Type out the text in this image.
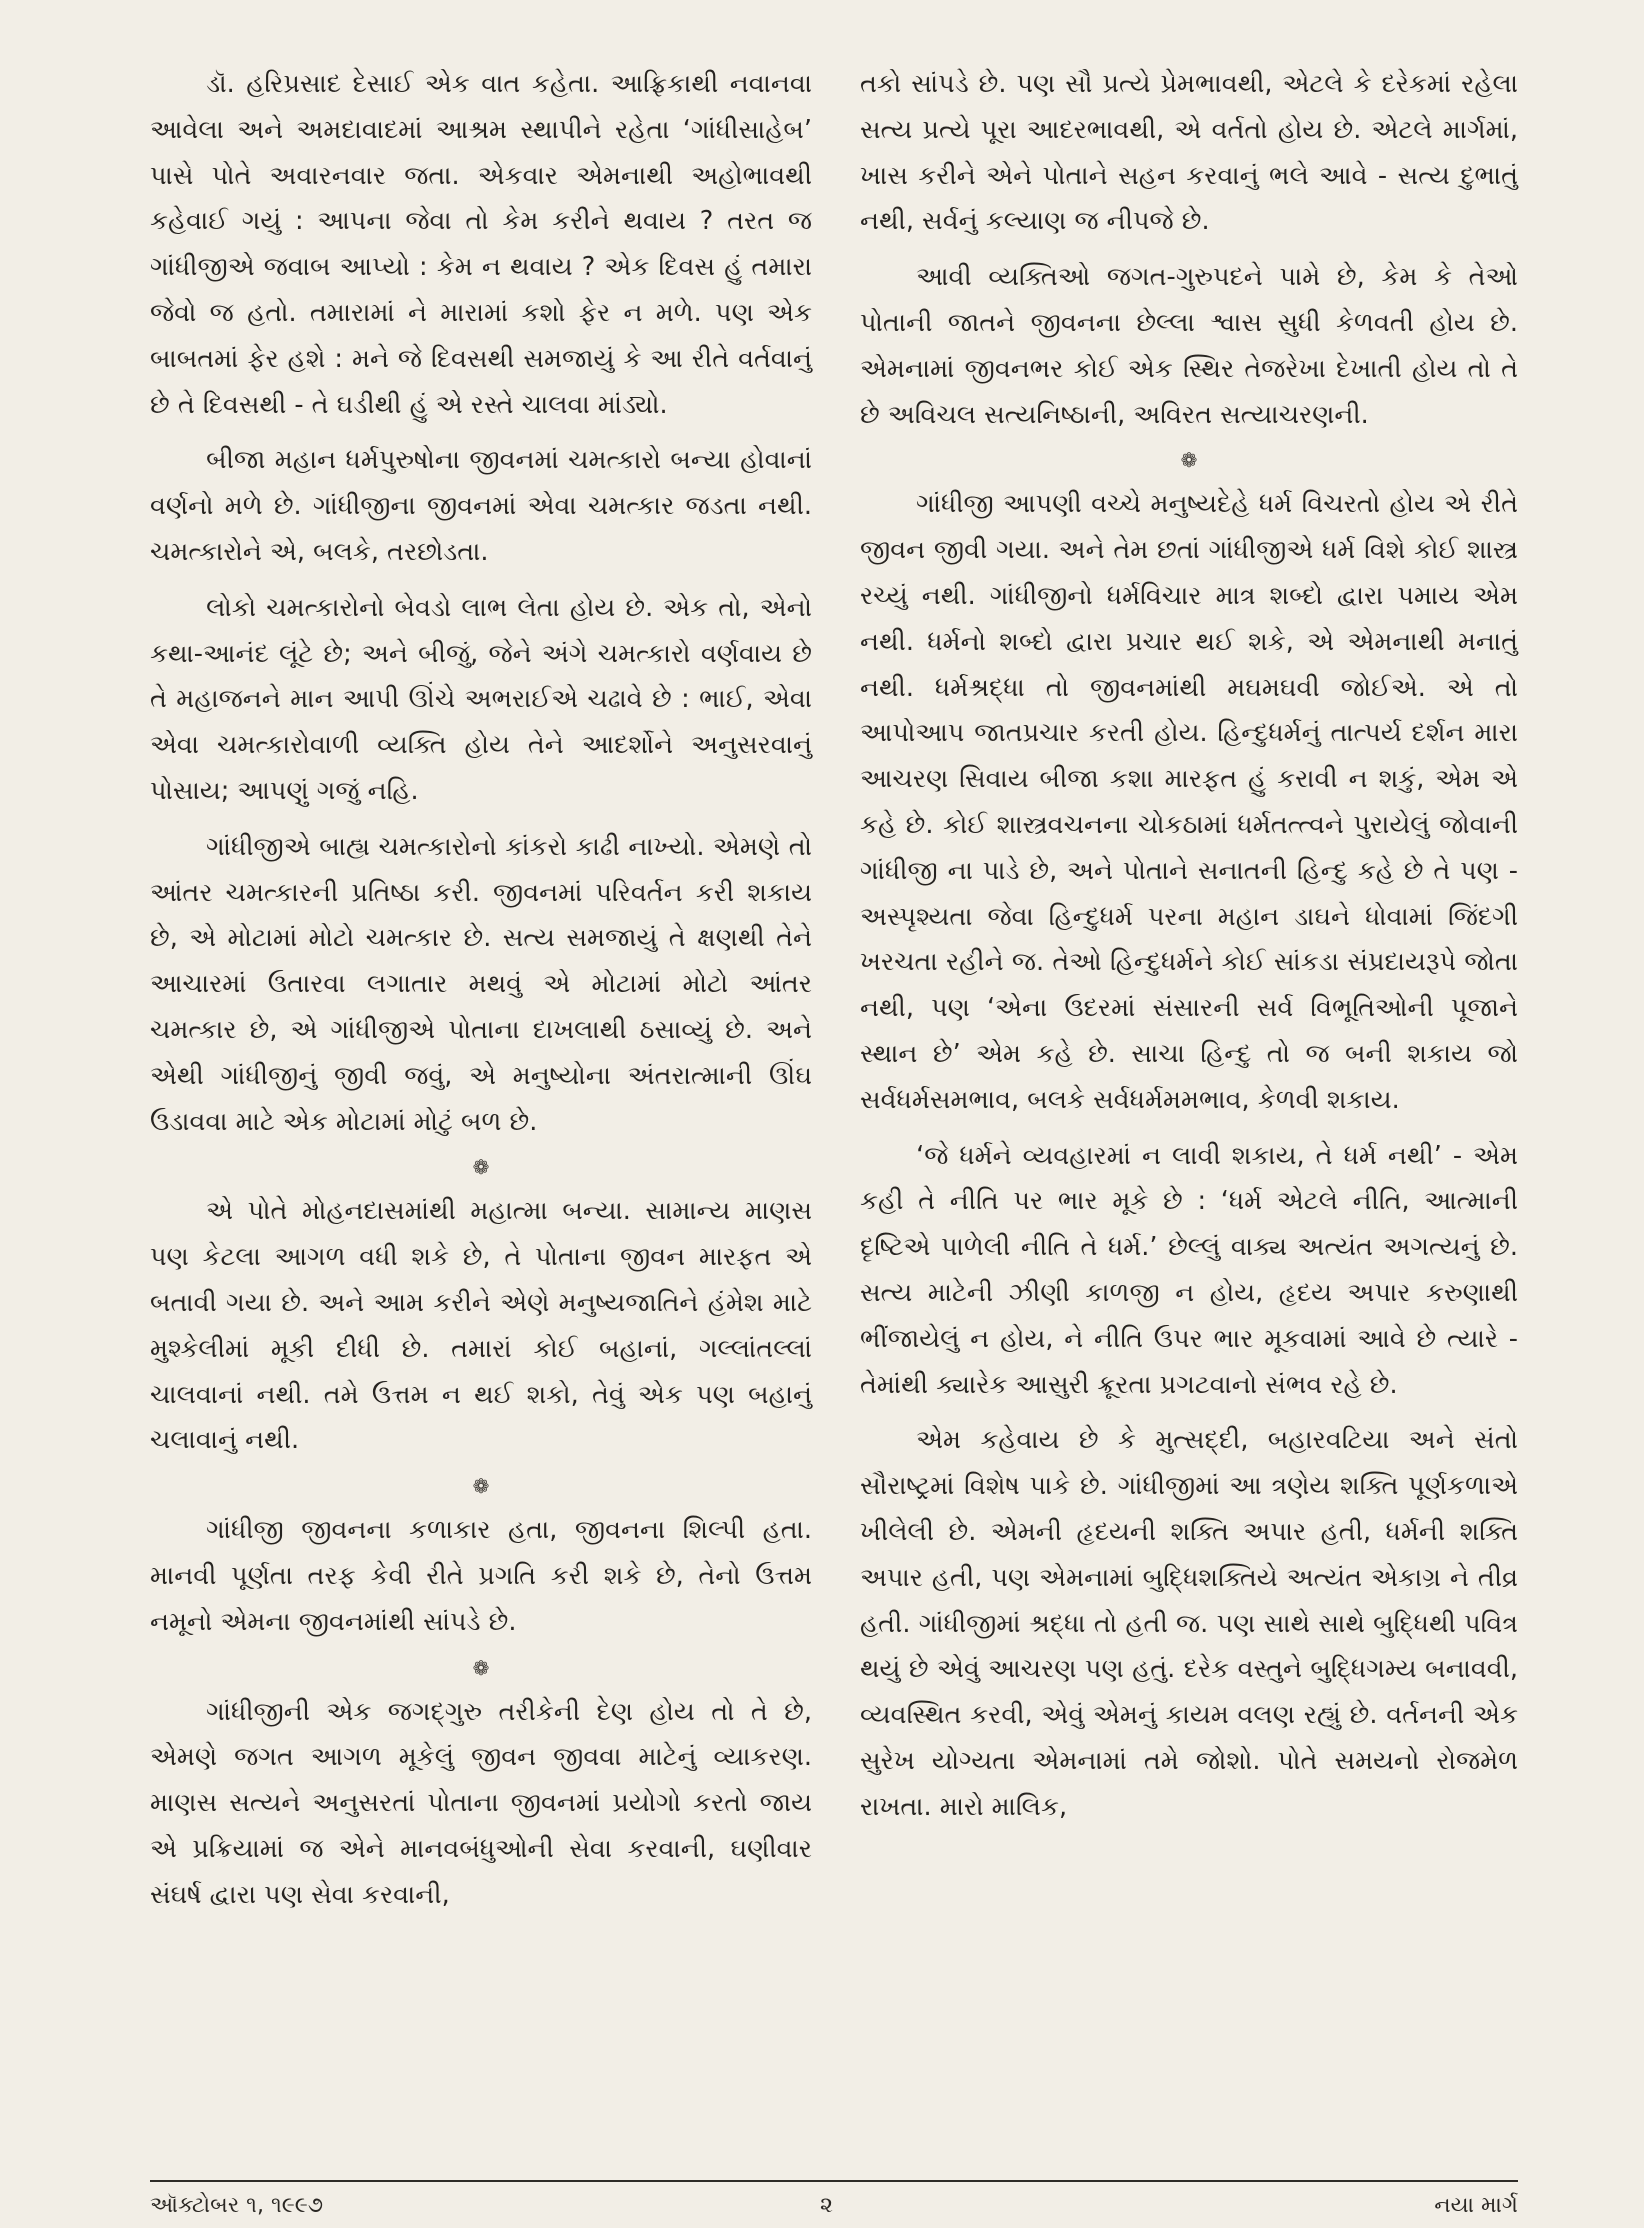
ડૉ. હરિપ્રસાદ દેસાઈ એક વાત કહેતા. આફ્રિકાથી નવાનવા આવેલા અને અમદાવાદમાં આશ્રમ સ્થાપીને રહેતા ‘ગાંધીસાહેબ’ પાસે પોતે અવારનવાર જતા. એકવાર એમનાથી અહોભાવથી કહેવાઈ ગયું : આપના જેવા તો કેમ કરીને થવાય ? તરત જ ગાંધીજીએ જવાબ આપ્યો : કેમ ન થવાય ? એક દિવસ હું તમારા જેવો જ હતો. તમારામાં ને મારામાં કશો ફેર ન મળે. પણ એક બાબતમાં ફેર હશે : મને જે દિવસથી સમજાયું કે આ રીતે વર્તવાનું છે તે દિવસથી - તે ઘડીથી હું એ રસ્તે ચાલવા માંડ્યો.

બીજા મહાન ધર્મપુરુષોના જીવનમાં ચમત્કારો બન્યા હોવાનાં વર્ણનો મળે છે. ગાંધીજીના જીવનમાં એવા ચમત્કાર જડતા નથી. ચમત્કારોને એ, બલકે, તરછોડતા.

લોકો ચમત્કારોનો બેવડો લાભ લેતા હોય છે. એક તો, એનો કથા-આનંદ લૂંટે છે; અને બીજું, જેને અંગે ચમત્કારો વર્ણવાય છે તે મહાજનને માન આપી ઊંચે અભરાઈએ ચઢાવે છે : ભાઈ, એવા એવા ચમત્કારોવાળી વ્યક્તિ હોય તેને આદર્શોને અનુસરવાનું પોસાય; આપણું ગજું નહિ.

ગાંધીજીએ બાહ્ય ચમત્કારોનો કાંકરો કાઢી નાખ્યો. એમણે તો આંતર ચમત્કારની પ્રતિષ્ઠા કરી. જીવનમાં પરિવર્તન કરી શકાય છે, એ મોટામાં મોટો ચમત્કાર છે. સત્ય સમજાયું તે ક્ષણથી તેને આચારમાં ઉતારવા લગાતાર મથવું એ મોટામાં મોટો આંતર ચમત્કાર છે, એ ગાંધીજીએ પોતાના દાખલાથી ઠસાવ્યું છે. અને એથી ગાંધીજીનું જીવી જવું, એ મનુષ્યોના અંતરાત્માની ઊંઘ ઉડાવવા માટે એક મોટામાં મોટું બળ છે.

❁

એ પોતે મોહનદાસમાંથી મહાત્મા બન્યા. સામાન્ય માણસ પણ કેટલા આગળ વધી શકે છે, તે પોતાના જીવન મારફત એ બતાવી ગયા છે. અને આમ કરીને એણે મનુષ્યજાતિને હંમેશ માટે મુશ્કેલીમાં મૂકી દીધી છે. તમારાં કોઈ બહાનાં, ગલ્લાંતલ્લાં ચાલવાનાં નથી. તમે ઉત્તમ ન થઈ શકો, તેવું એક પણ બહાનું ચલાવાનું નથી.

❁

ગાંધીજી જીવનના કળાકાર હતા, જીવનના શિલ્પી હતા. માનવી પૂર્ણતા તરફ કેવી રીતે પ્રગતિ કરી શકે છે, તેનો ઉત્તમ નમૂનો એમના જીવનમાંથી સાંપડે છે.

❁

ગાંધીજીની એક જગદ્ગુરુ તરીકેની દેણ હોય તો તે છે, એમણે જગત આગળ મૂકેલું જીવન જીવવા માટેનું વ્યાકરણ. માણસ સત્યને અનુસરતાં પોતાના જીવનમાં પ્રયોગો કરતો જાય એ પ્રક્રિયામાં જ એને માનવબંધુઓની સેવા કરવાની, ઘણીવાર સંઘર્ષ દ્વારા પણ સેવા કરવાની,

તકો સાંપડે છે. પણ સૌ પ્રત્યે પ્રેમભાવથી, એટલે કે દરેકમાં રહેલા સત્ય પ્રત્યે પૂરા આદરભાવથી, એ વર્તતો હોય છે. એટલે માર્ગમાં, ખાસ કરીને એને પોતાને સહન કરવાનું ભલે આવે - સત્ય દુભાતું નથી, સર્વનું કલ્યાણ જ નીપજે છે.

આવી વ્યક્તિઓ જગત-ગુરુપદને પામે છે, કેમ કે તેઓ પોતાની જાતને જીવનના છેલ્લા શ્વાસ સુધી કેળવતી હોય છે. એમનામાં જીવનભર કોઈ એક સ્થિર તેજરેખા દેખાતી હોય તો તે છે અવિચલ સત્યનિષ્ઠાની, અવિરત સત્યાચરણની.

❁

ગાંધીજી આપણી વચ્ચે મનુષ્યદેહે ધર્મ વિચરતો હોય એ રીતે જીવન જીવી ગયા. અને તેમ છતાં ગાંધીજીએ ધર્મ વિશે કોઈ શાસ્ત્ર રચ્યું નથી. ગાંધીજીનો ધર્મવિચાર માત્ર શબ્દો દ્વારા પમાય એમ નથી. ધર્મનો શબ્દો દ્વારા પ્રચાર થઈ શકે, એ એમનાથી મનાતું નથી. ધર્મશ્રદ્ધા તો જીવનમાંથી મઘમઘવી જોઈએ. એ તો આપોઆપ જાતપ્રચાર કરતી હોય. હિન્દુધર્મનું તાત્પર્ય દર્શન મારા આચરણ સિવાય બીજા કશા મારફત હું કરાવી ન શકું, એમ એ કહે છે. કોઈ શાસ્ત્રવચનના ચોકઠામાં ધર્મતત્ત્વને પુરાયેલું જોવાની ગાંધીજી ના પાડે છે, અને પોતાને સનાતની હિન્દુ કહે છે તે પણ - અસ્પૃશ્યતા જેવા હિન્દુધર્મ પરના મહાન ડાઘને ધોવામાં જિંદગી ખરચતા રહીને જ. તેઓ હિન્દુધર્મને કોઈ સાંકડા સંપ્રદાયરૂપે જોતા નથી, પણ ‘એના ઉદરમાં સંસારની સર્વ વિભૂતિઓની પૂજાને સ્થાન છે’ એમ કહે છે. સાચા હિન્દુ તો જ બની શકાય જો સર્વધર્મસમભાવ, બલકે સર્વધર્મમમભાવ, કેળવી શકાય.

‘જે ધર્મને વ્યવહારમાં ન લાવી શકાય, તે ધર્મ નથી’ - એમ કહી તે નીતિ પર ભાર મૂકે છે : ‘ધર્મ એટલે નીતિ, આત્માની દૃષ્ટિએ પાળેલી નીતિ તે ધર્મ.’ છેલ્લું વાક્ય અત્યંત અગત્યનું છે. સત્ય માટેની ઝીણી કાળજી ન હોય, હૃદય અપાર કરુણાથી ભીંજાયેલું ન હોય, ને નીતિ ઉપર ભાર મૂકવામાં આવે છે ત્યારે - તેમાંથી ક્યારેક આસુરી ક્રૂરતા પ્રગટવાનો સંભવ રહે છે.

એમ કહેવાય છે કે મુત્સદ્દી, બહારવટિયા અને સંતો સૌરાષ્ટ્રમાં વિશેષ પાકે છે. ગાંધીજીમાં આ ત્રણેય શક્તિ પૂર્ણકળાએ ખીલેલી છે. એમની હૃદયની શક્તિ અપાર હતી, ધર્મની શક્તિ અપાર હતી, પણ એમનામાં બુદ્ધિશક્તિયે અત્યંત એકાગ્ર ને તીવ્ર હતી. ગાંધીજીમાં શ્રદ્ધા તો હતી જ. પણ સાથે સાથે બુદ્ધિથી પવિત્ર થયું છે એવું આચરણ પણ હતું. દરેક વસ્તુને બુદ્ધિગમ્ય બનાવવી, વ્યવસ્થિત કરવી, એવું એમનું કાયમ વલણ રહ્યું છે. વર્તનની એક સુરેખ યોગ્યતા એમનામાં તમે જોશો. પોતે સમયનો રોજમેળ રાખતા. મારો માલિક,

ઑક્ટોબર ૧, ૧૯૯૭	૨	નયા માર્ગ
